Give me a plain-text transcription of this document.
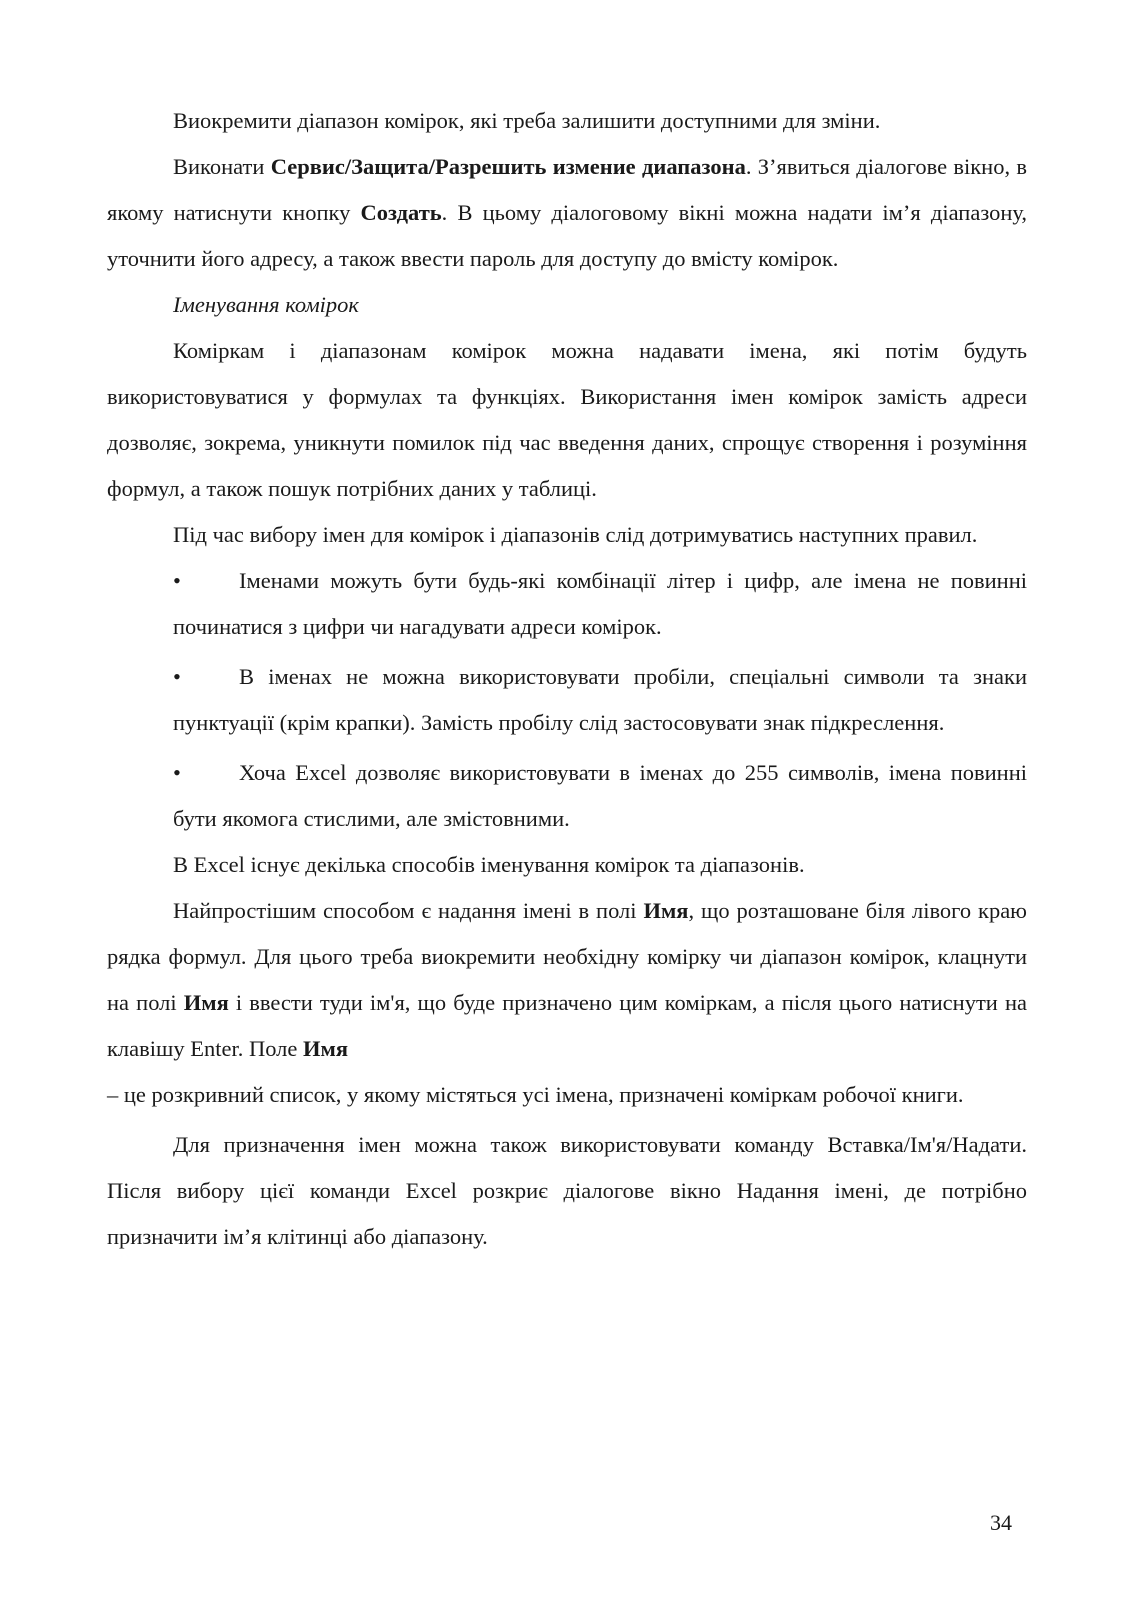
Виокремити діапазон комірок, які треба залишити доступними для зміни.

Виконати Сервис/Защита/Разрешить измение диапазона. З’явиться діалогове вікно, в якому натиснути кнопку Создать. В цьому діалоговому вікні можна надати ім’я діапазону, уточнити його адресу, а також ввести пароль для доступу до вмісту комірок.

Іменування комірок

Коміркам і діапазонам комірок можна надавати імена, які потім будуть використовуватися у формулах та функціях. Використання імен комірок замість адреси дозволяє, зокрема, уникнути помилок під час введення даних, спрощує створення і розуміння формул, а також пошук потрібних даних у таблиці.

Під час вибору імен для комірок і діапазонів слід дотримуватись наступних правил.

•	Іменами можуть бути будь-які комбінації літер і цифр, але імена не повинні починатися з цифри чи нагадувати адреси комірок.
•	В іменах не можна використовувати пробіли, спеціальні символи та знаки пунктуації (крім крапки). Замість пробілу слід застосовувати знак підкреслення.
•	Хоча Excel дозволяє використовувати в іменах до 255 символів, імена повинні бути якомога стислими, але змістовними.

В Excel існує декілька способів іменування комірок та діапазонів.

Найпростішим способом є надання імені в полі Имя, що розташоване біля лівого краю рядка формул. Для цього треба виокремити необхідну комірку чи діапазон комірок, клацнути на полі Имя і ввести туди ім'я, що буде призначено цим коміркам, а після цього натиснути на клавішу Enter. Поле Имя

– це розкривний список, у якому містяться усі імена, призначені коміркам робочої книги.

Для призначення імен можна також використовувати команду Вставка/Ім'я/Надати. Після вибору цієї команди Excel розкриє діалогове вікно Надання імені, де потрібно призначити ім’я клітинці або діапазону.

34
